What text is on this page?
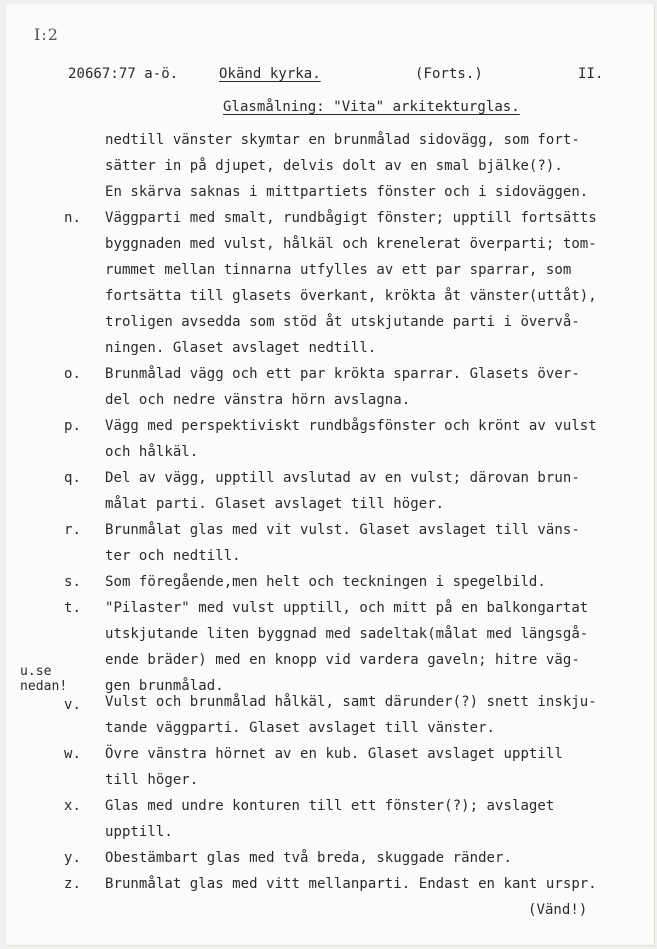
I:2
20667:77 a-ö.	Okänd kyrka.	(Forts.)	II.
Glasmålning: "Vita" arkitekturglas.
nedtill vänster skymtar en brunmålad sidovägg, som fort-
sätter in på djupet, delvis dolt av en smal bjälke(?).
En skärva saknas i mittpartiets fönster och i sidoväggen.
n. Väggparti med smalt, rundbågigt fönster; upptill fortsätts
byggnaden med vulst, hålkäl och krenelerat överparti; tom-
rummet mellan tinnarna utfylles av ett par sparrar, som
fortsätta till glasets överkant, krökta åt vänster(uttåt),
troligen avsedda som stöd åt utskjutande parti i övervå-
ningen. Glaset avslaget nedtill.
o. Brunmålad vägg och ett par krökta sparrar. Glasets över-
del och nedre vänstra hörn avslagna.
p. Vägg med perspektiviskt rundbågsfönster och krönt av vulst
och hålkäl.
q. Del av vägg, upptill avslutad av en vulst; därovan brun-
målat parti. Glaset avslaget till höger.
r. Brunmålat glas med vit vulst. Glaset avslaget till väns-
ter och nedtill.
s. Som föregående,men helt och teckningen i spegelbild.
t. "Pilaster" med vulst upptill, och mitt på en balkongartat
utskjutande liten byggnad med sadeltak(målat med längsgå-
ende bräder) med en knopp vid vardera gaveln; hitre väg-
gen brunmålad.
u.se
nedan!
v. Vulst och brunmålad hålkäl, samt därunder(?) snett inskju-
tande väggparti. Glaset avslaget till vänster.
w. Övre vänstra hörnet av en kub. Glaset avslaget upptill
till höger.
x. Glas med undre konturen till ett fönster(?); avslaget
upptill.
y. Obestämbart glas med två breda, skuggade ränder.
z. Brunmålat glas med vitt mellanparti. Endast en kant urspr.
(Vänd!)
